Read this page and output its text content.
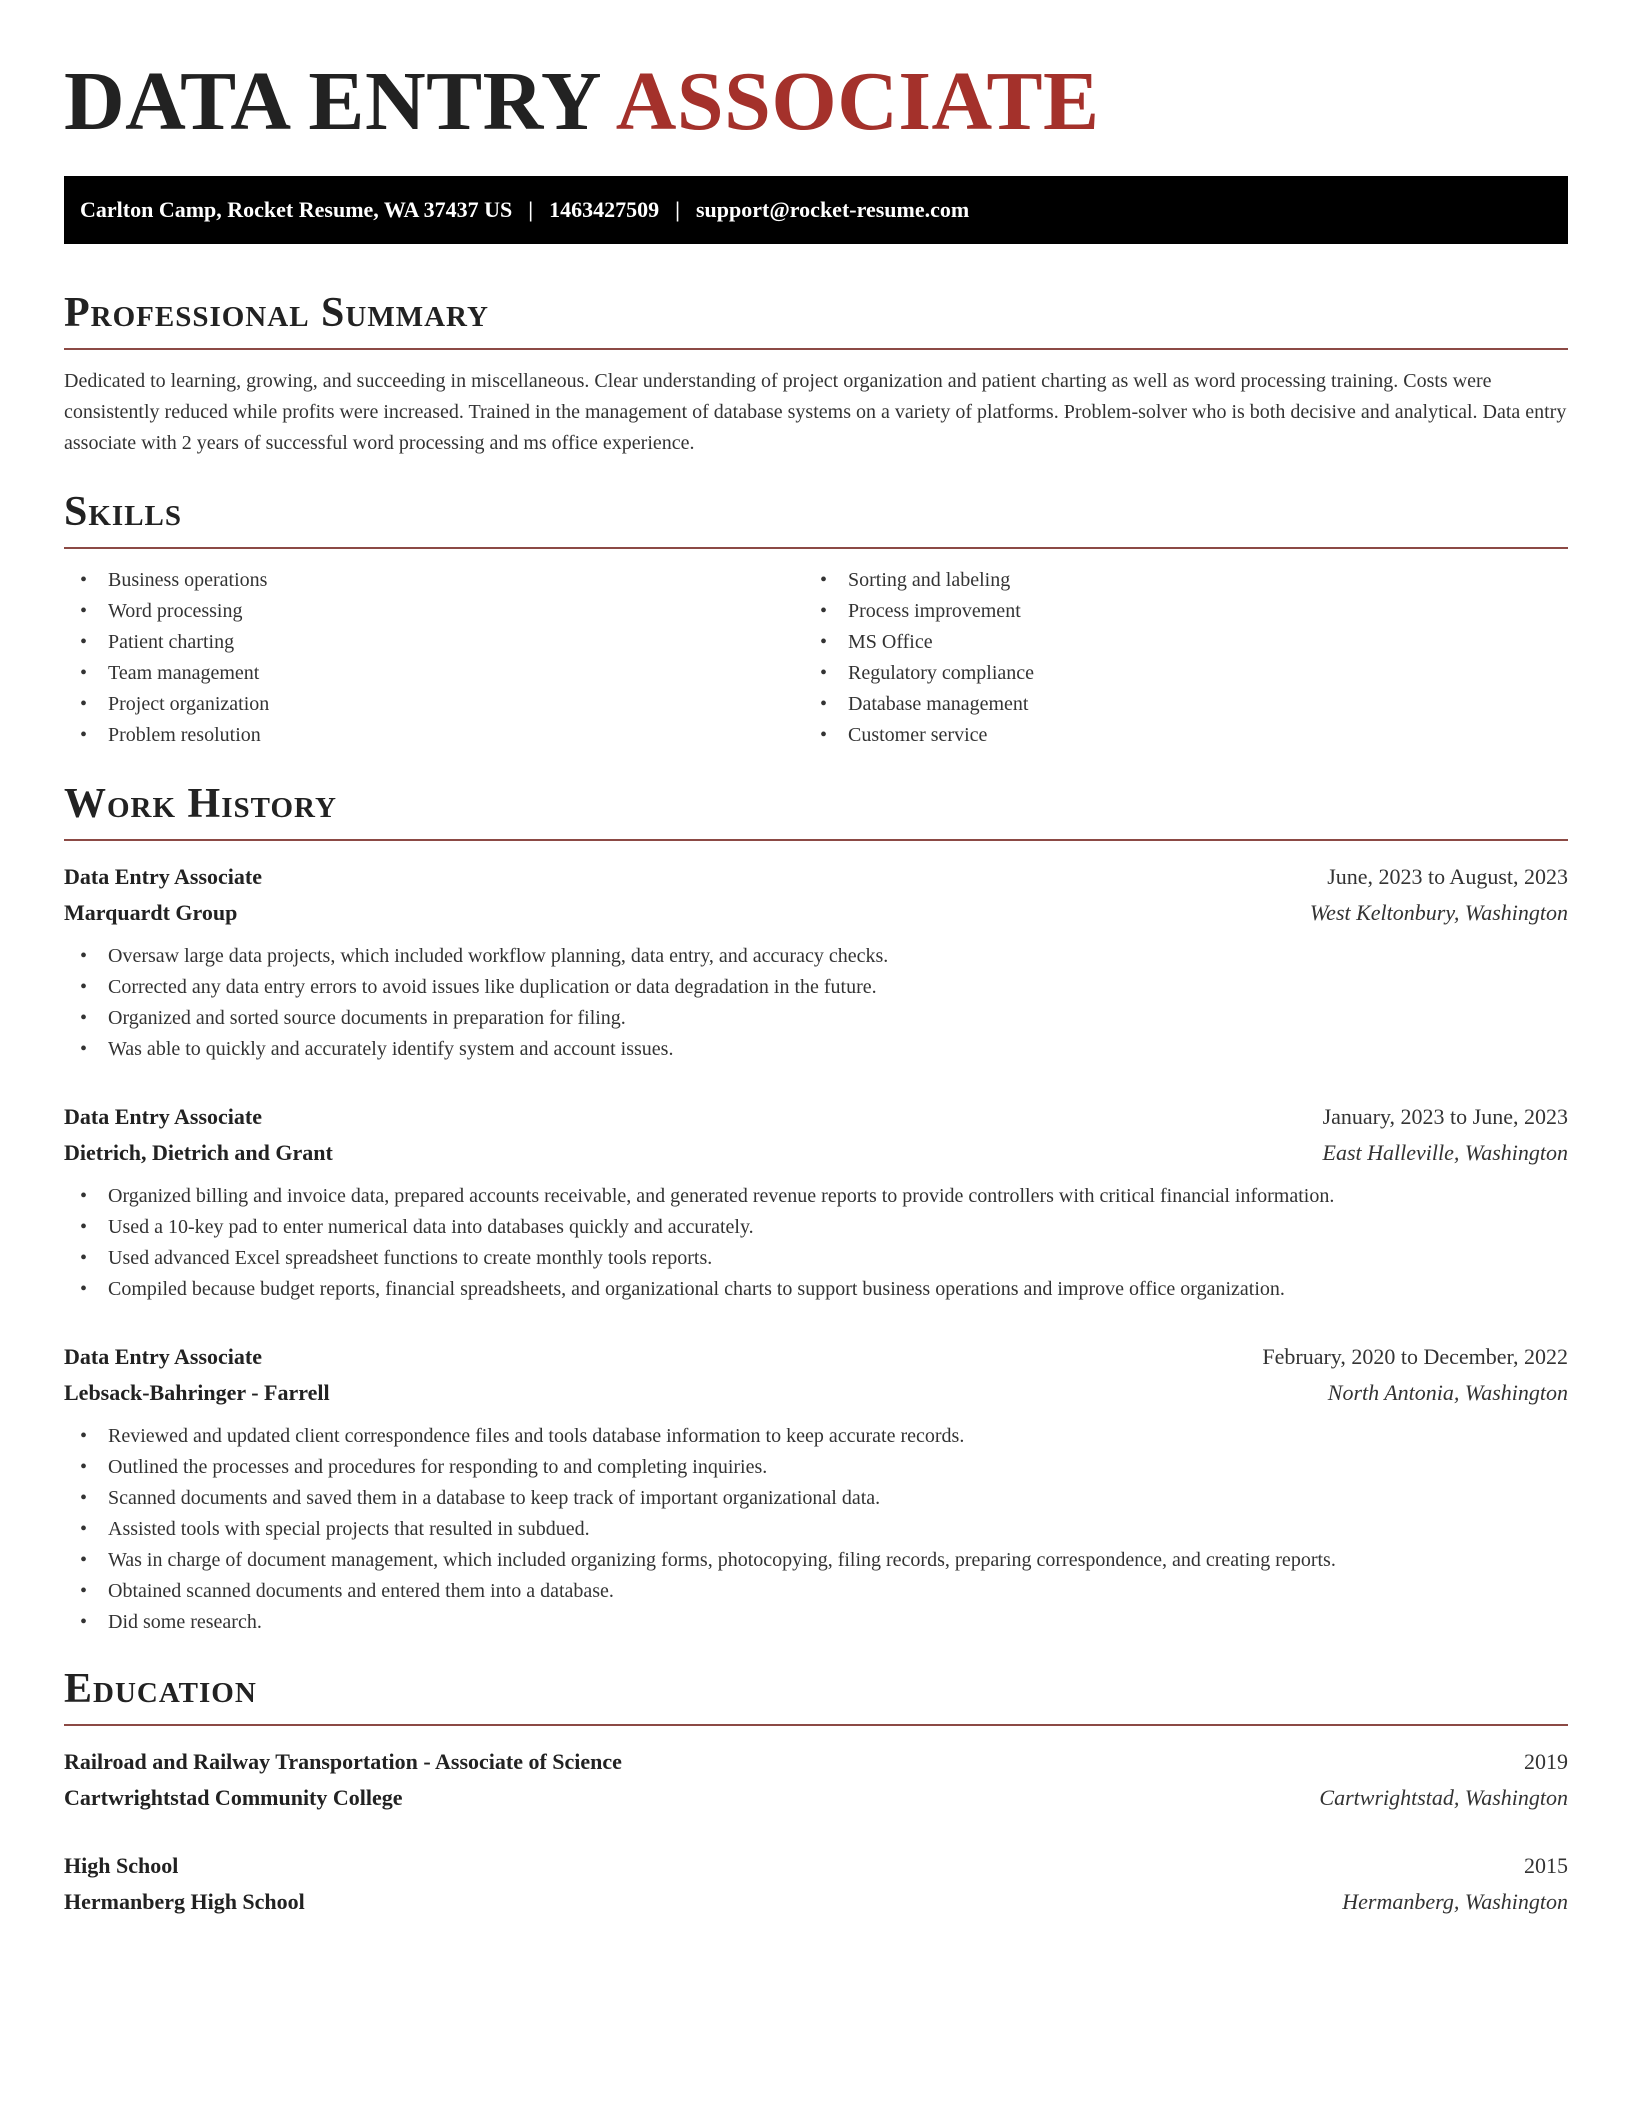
DATA ENTRY ASSOCIATE
Carlton Camp, Rocket Resume, WA 37437 US | 1463427509 | support@rocket-resume.com
Professional Summary

Dedicated to learning, growing, and succeeding in miscellaneous. Clear understanding of project organization and patient charting as well as word processing training. Costs were consistently reduced while profits were increased. Trained in the management of database systems on a variety of platforms. Problem-solver who is both decisive and analytical. Data entry associate with 2 years of successful word processing and ms office experience.

Skills
• Business operations
• Word processing
• Patient charting
• Team management
• Project organization
• Problem resolution
• Sorting and labeling
• Process improvement
• MS Office
• Regulatory compliance
• Database management
• Customer service
Work History
Data Entry Associate	June, 2023 to August, 2023
Marquardt Group	West Keltonbury, Washington
• Oversaw large data projects, which included workflow planning, data entry, and accuracy checks.
• Corrected any data entry errors to avoid issues like duplication or data degradation in the future.
• Organized and sorted source documents in preparation for filing.
• Was able to quickly and accurately identify system and account issues.
Data Entry Associate	January, 2023 to June, 2023
Dietrich, Dietrich and Grant	East Halleville, Washington
• Organized billing and invoice data, prepared accounts receivable, and generated revenue reports to provide controllers with critical financial information.
• Used a 10-key pad to enter numerical data into databases quickly and accurately.
• Used advanced Excel spreadsheet functions to create monthly tools reports.
• Compiled because budget reports, financial spreadsheets, and organizational charts to support business operations and improve office organization.
Data Entry Associate	February, 2020 to December, 2022
Lebsack-Bahringer - Farrell	North Antonia, Washington
• Reviewed and updated client correspondence files and tools database information to keep accurate records.
• Outlined the processes and procedures for responding to and completing inquiries.
• Scanned documents and saved them in a database to keep track of important organizational data.
• Assisted tools with special projects that resulted in subdued.
• Was in charge of document management, which included organizing forms, photocopying, filing records, preparing correspondence, and creating reports.
• Obtained scanned documents and entered them into a database.
• Did some research.
Education
Railroad and Railway Transportation - Associate of Science	2019
Cartwrightstad Community College	Cartwrightstad, Washington
High School	2015
Hermanberg High School	Hermanberg, Washington
